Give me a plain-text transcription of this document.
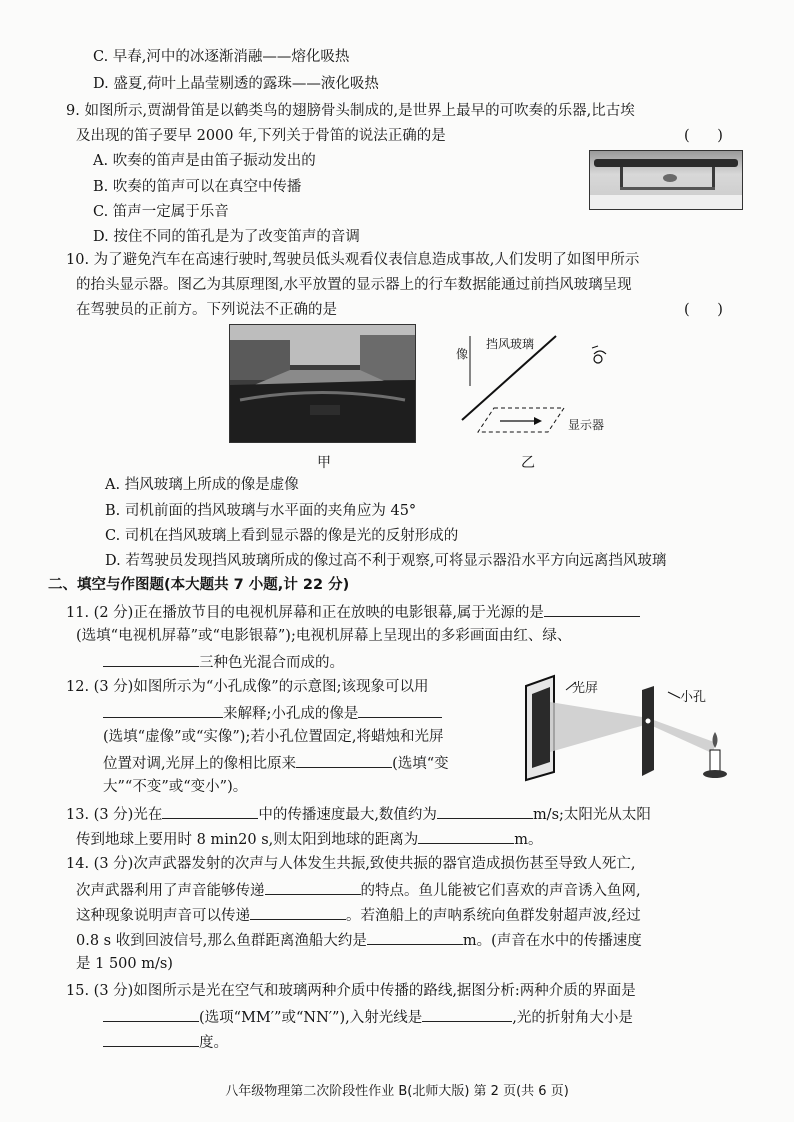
C. 早春,河中的冰逐渐消融——熔化吸热
D. 盛夏,荷叶上晶莹剔透的露珠——液化吸热
9. 如图所示,贾湖骨笛是以鹤类鸟的翅膀骨头制成的,是世界上最早的可吹奏的乐器,比古埃
及出现的笛子要早 2000 年,下列关于骨笛的说法正确的是	(      )
A. 吹奏的笛声是由笛子振动发出的
B. 吹奏的笛声可以在真空中传播
C. 笛声一定属于乐音
D. 按住不同的笛孔是为了改变笛声的音调
10. 为了避免汽车在高速行驶时,驾驶员低头观看仪表信息造成事故,人们发明了如图甲所示
的抬头显示器。图乙为其原理图,水平放置的显示器上的行车数据能通过前挡风玻璃呈现
在驾驶员的正前方。下列说法不正确的是	(      )
甲
像
挡风玻璃
显示器
乙
A. 挡风玻璃上所成的像是虚像
B. 司机前面的挡风玻璃与水平面的夹角应为 45°
C. 司机在挡风玻璃上看到显示器的像是光的反射形成的
D. 若驾驶员发现挡风玻璃所成的像过高不利于观察,可将显示器沿水平方向远离挡风玻璃
二、填空与作图题(本大题共 7 小题,计 22 分)
11. (2 分)正在播放节目的电视机屏幕和正在放映的电影银幕,属于光源的是
(选填“电视机屏幕”或“电影银幕”);电视机屏幕上呈现出的多彩画面由红、绿、
三种色光混合而成的。
12. (3 分)如图所示为“小孔成像”的示意图;该现象可以用
来解释;小孔成的像是
(选填“虚像”或“实像”);若小孔位置固定,将蜡烛和光屏
位置对调,光屏上的像相比原来	(选填“变
大”“不变”或“变小”)。
光屏
小孔
13. (3 分)光在	中的传播速度最大,数值约为	m/s;太阳光从太阳
传到地球上要用时 8 min20 s,则太阳到地球的距离为	m。
14. (3 分)次声武器发射的次声与人体发生共振,致使共振的器官造成损伤甚至导致人死亡,
次声武器利用了声音能够传递	的特点。鱼儿能被它们喜欢的声音诱入鱼网,
这种现象说明声音可以传递	。若渔船上的声呐系统向鱼群发射超声波,经过
0.8 s 收到回波信号,那么鱼群距离渔船大约是	m。(声音在水中的传播速度
是 1 500 m/s)
15. (3 分)如图所示是光在空气和玻璃两种介质中传播的路线,据图分析:两种介质的界面是
(选项“MM′”或“NN′”),入射光线是	,光的折射角大小是
度。
八年级物理第二次阶段性作业 B(北师大版) 第 2 页(共 6 页)
